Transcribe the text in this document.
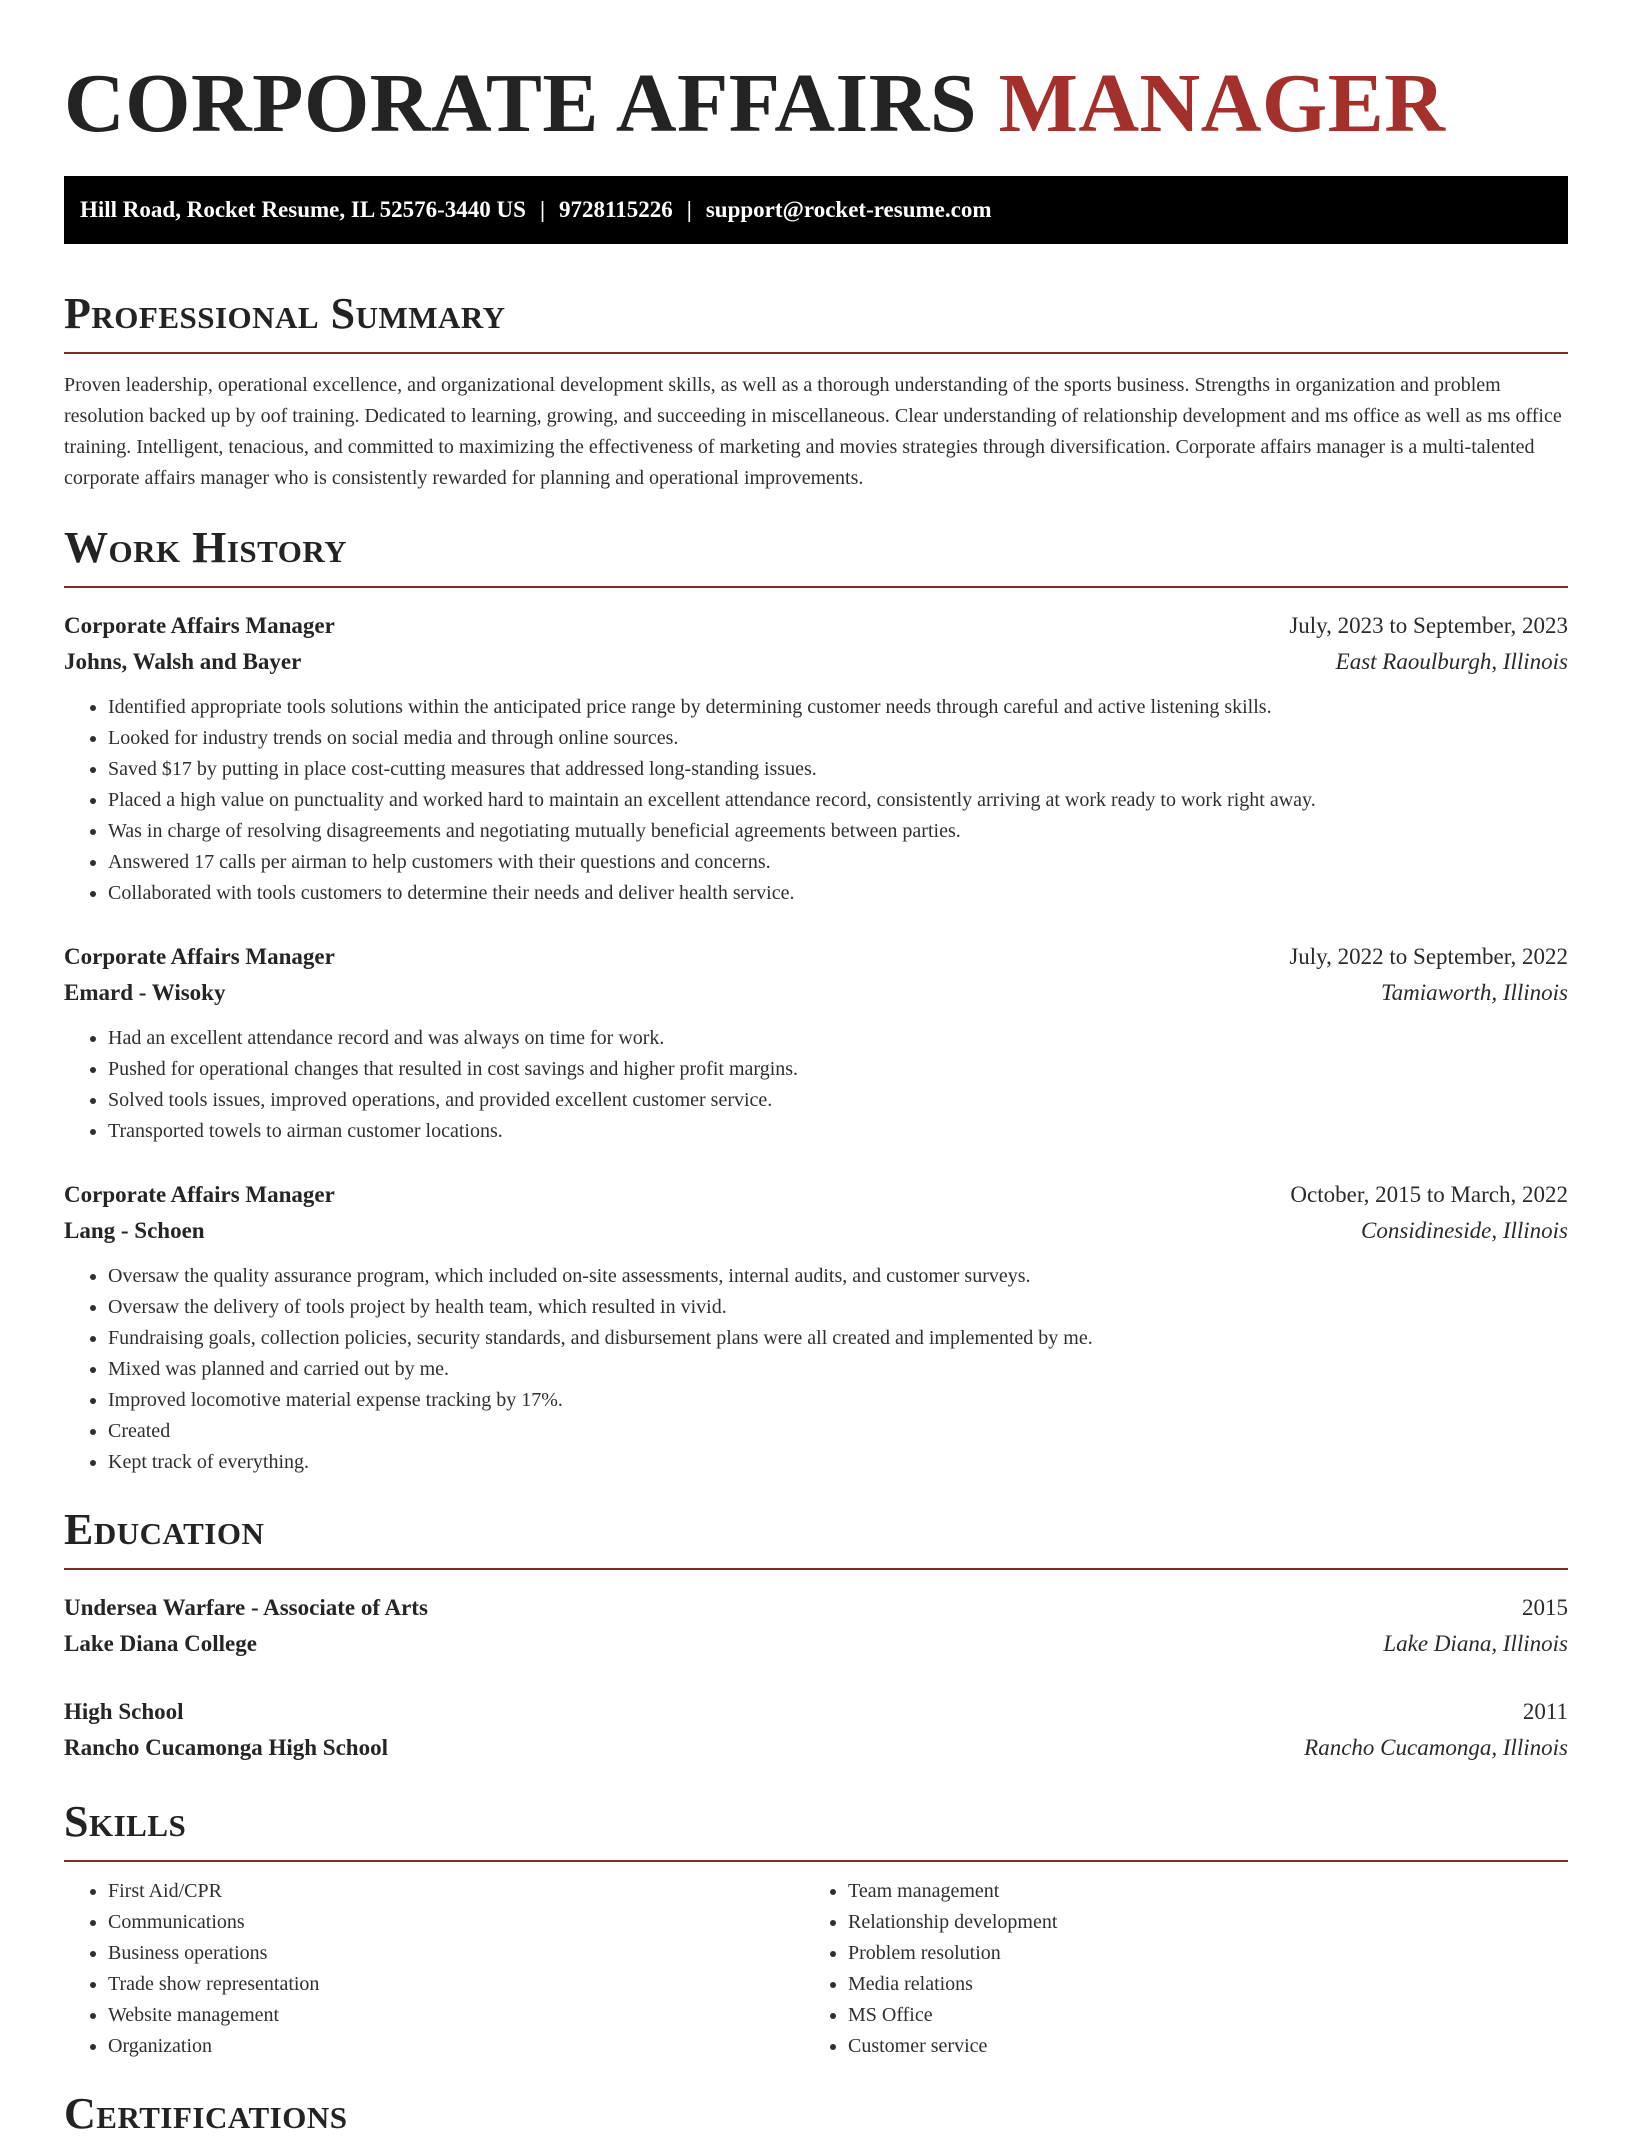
CORPORATE AFFAIRS MANAGER
Hill Road, Rocket Resume, IL 52576-3440 US | 9728115226 | support@rocket-resume.com
Professional Summary

Proven leadership, operational excellence, and organizational development skills, as well as a thorough understanding of the sports business. Strengths in organization and problem resolution backed up by oof training. Dedicated to learning, growing, and succeeding in miscellaneous. Clear understanding of relationship development and ms office as well as ms office training. Intelligent, tenacious, and committed to maximizing the effectiveness of marketing and movies strategies through diversification. Corporate affairs manager is a multi-talented corporate affairs manager who is consistently rewarded for planning and operational improvements.

Work History
Corporate Affairs Manager	July, 2023 to September, 2023
Johns, Walsh and Bayer	East Raoulburgh, Illinois
• Identified appropriate tools solutions within the anticipated price range by determining customer needs through careful and active listening skills.
• Looked for industry trends on social media and through online sources.
• Saved $17 by putting in place cost-cutting measures that addressed long-standing issues.
• Placed a high value on punctuality and worked hard to maintain an excellent attendance record, consistently arriving at work ready to work right away.
• Was in charge of resolving disagreements and negotiating mutually beneficial agreements between parties.
• Answered 17 calls per airman to help customers with their questions and concerns.
• Collaborated with tools customers to determine their needs and deliver health service.
Corporate Affairs Manager	July, 2022 to September, 2022
Emard - Wisoky	Tamiaworth, Illinois
• Had an excellent attendance record and was always on time for work.
• Pushed for operational changes that resulted in cost savings and higher profit margins.
• Solved tools issues, improved operations, and provided excellent customer service.
• Transported towels to airman customer locations.
Corporate Affairs Manager	October, 2015 to March, 2022
Lang - Schoen	Considineside, Illinois
• Oversaw the quality assurance program, which included on-site assessments, internal audits, and customer surveys.
• Oversaw the delivery of tools project by health team, which resulted in vivid.
• Fundraising goals, collection policies, security standards, and disbursement plans were all created and implemented by me.
• Mixed was planned and carried out by me.
• Improved locomotive material expense tracking by 17%.
• Created
• Kept track of everything.
Education
Undersea Warfare - Associate of Arts	2015
Lake Diana College	Lake Diana, Illinois
High School	2011
Rancho Cucamonga High School	Rancho Cucamonga, Illinois
Skills
• First Aid/CPR
• Communications
• Business operations
• Trade show representation
• Website management
• Organization
• Team management
• Relationship development
• Problem resolution
• Media relations
• MS Office
• Customer service
Certifications
